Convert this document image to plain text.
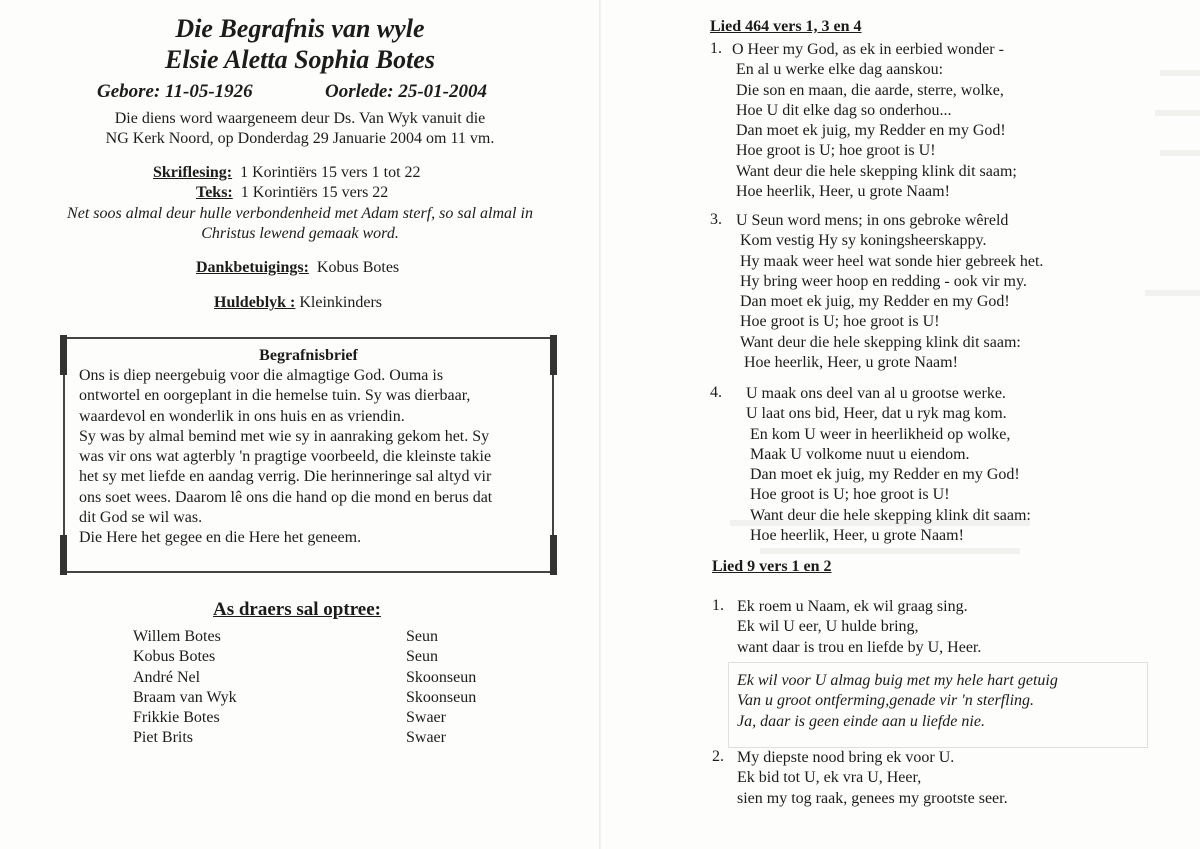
Die Begrafnis van wyle
Elsie Aletta Sophia Botes
Gebore: 11-05-1926	Oorlede: 25-01-2004
Die diens word waargeneem deur Ds. Van Wyk vanuit die
NG Kerk Noord, op Donderdag 29 Januarie 2004 om 11 vm.
Skriflesing: 1 Korintiërs 15 vers 1 tot 22
Teks: 1 Korintiërs 15 vers 22
Net soos almal deur hulle verbondenheid met Adam sterf, so sal almal in
Christus lewend gemaak word.
Dankbetuigings: Kobus Botes
Huldeblyk : Kleinkinders
Begrafnisbrief
Ons is diep neergebuig voor die almagtige God. Ouma is
ontwortel en oorgeplant in die hemelse tuin. Sy was dierbaar,
waardevol en wonderlik in ons huis en as vriendin.
Sy was by almal bemind met wie sy in aanraking gekom het. Sy
was vir ons wat agterbly 'n pragtige voorbeeld, die kleinste takie
het sy met liefde en aandag verrig. Die herinneringe sal altyd vir
ons soet wees. Daarom lê ons die hand op die mond en berus dat
dit God se wil was.
Die Here het gegee en die Here het geneem.
As draers sal optree:
Willem Botes
Kobus Botes
André Nel
Braam van Wyk
Frikkie Botes
Piet Brits
Seun
Seun
Skoonseun
Skoonseun
Swaer
Swaer
Lied 464 vers 1, 3 en 4
1. O Heer my God, as ek in eerbied wonder -
En al u werke elke dag aanskou:
Die son en maan, die aarde, sterre, wolke,
Hoe U dit elke dag so onderhou...
Dan moet ek juig, my Redder en my God!
Hoe groot is U; hoe groot is U!
Want deur die hele skepping klink dit saam;
Hoe heerlik, Heer, u grote Naam!
3. U Seun word mens; in ons gebroke wêreld
Kom vestig Hy sy koningsheerskappy.
Hy maak weer heel wat sonde hier gebreek het.
Hy bring weer hoop en redding - ook vir my.
Dan moet ek juig, my Redder en my God!
Hoe groot is U; hoe groot is U!
Want deur die hele skepping klink dit saam:
Hoe heerlik, Heer, u grote Naam!
4. U maak ons deel van al u grootse werke.
U laat ons bid, Heer, dat u ryk mag kom.
En kom U weer in heerlikheid op wolke,
Maak U volkome nuut u eiendom.
Dan moet ek juig, my Redder en my God!
Hoe groot is U; hoe groot is U!
Want deur die hele skepping klink dit saam:
Hoe heerlik, Heer, u grote Naam!
Lied 9 vers 1 en 2
1. Ek roem u Naam, ek wil graag sing.
Ek wil U eer, U hulde bring,
want daar is trou en liefde by U, Heer.
Ek wil voor U almag buig met my hele hart getuig
Van u groot ontferming,genade vir 'n sterfling.
Ja, daar is geen einde aan u liefde nie.
2. My diepste nood bring ek voor U.
Ek bid tot U, ek vra U, Heer,
sien my tog raak, genees my grootste seer.
